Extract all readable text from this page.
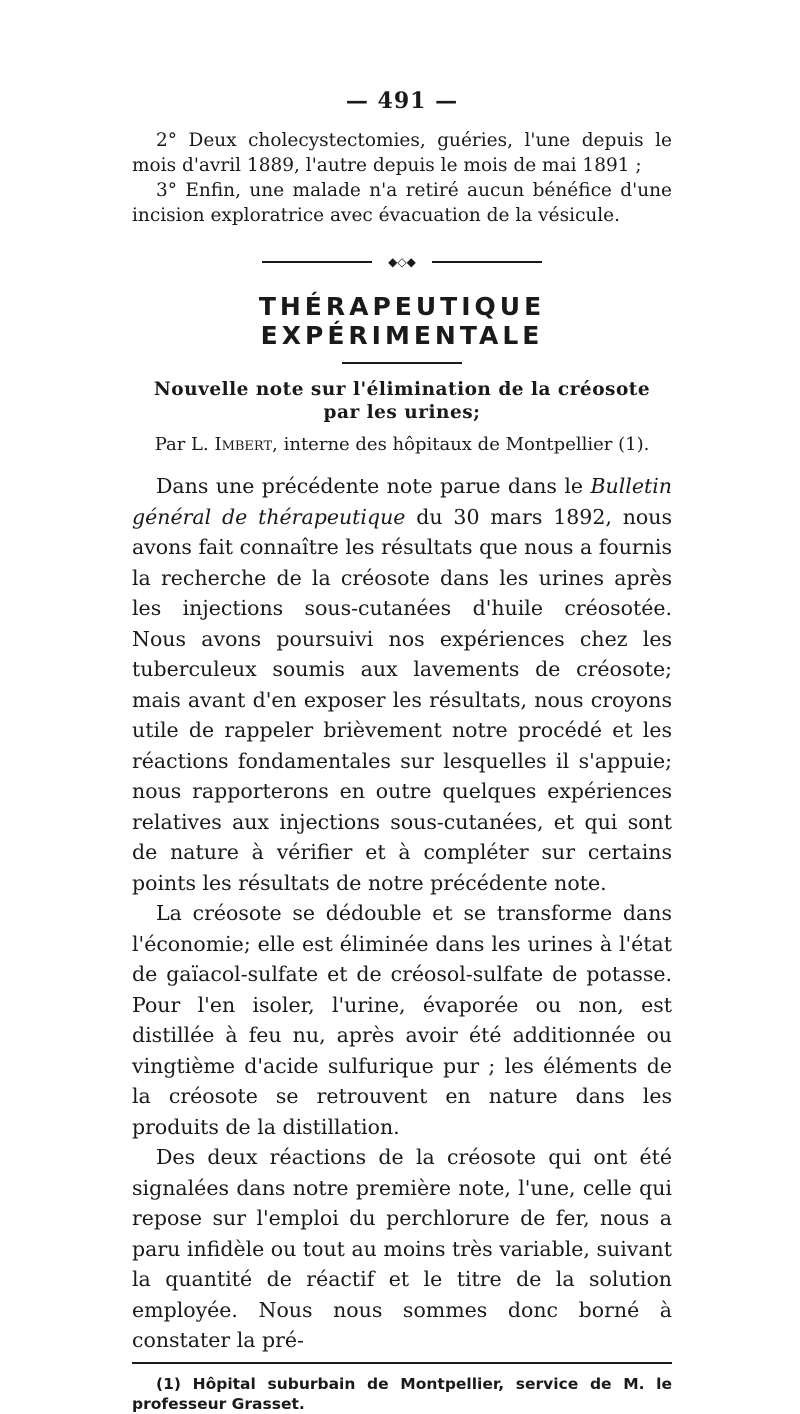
— 491 —

2° Deux cholecystectomies, guéries, l'une depuis le mois d'avril 1889, l'autre depuis le mois de mai 1891 ;

3° Enfin, une malade n'a retiré aucun bénéfice d'une incision exploratrice avec évacuation de la vésicule.

◆◇◆
THÉRAPEUTIQUE EXPÉRIMENTALE
Nouvelle note sur l'élimination de la créosote
par les urines;
Par L. Imbert, interne des hôpitaux de Montpellier (1).

Dans une précédente note parue dans le Bulletin général de thérapeutique du 30 mars 1892, nous avons fait connaître les résultats que nous a fournis la recherche de la créosote dans les urines après les injections sous-cutanées d'huile créosotée. Nous avons poursuivi nos expériences chez les tuberculeux soumis aux lavements de créosote; mais avant d'en exposer les résultats, nous croyons utile de rappeler brièvement notre procédé et les réactions fondamentales sur lesquelles il s'appuie; nous rapporterons en outre quelques expériences relatives aux injections sous-cutanées, et qui sont de nature à vérifier et à compléter sur certains points les résultats de notre précédente note.

La créosote se dédouble et se transforme dans l'économie; elle est éliminée dans les urines à l'état de gaïacol-sulfate et de créosol-sulfate de potasse. Pour l'en isoler, l'urine, évaporée ou non, est distillée à feu nu, après avoir été additionnée ou vingtième d'acide sulfurique pur ; les éléments de la créosote se retrouvent en nature dans les produits de la distillation.

Des deux réactions de la créosote qui ont été signalées dans notre première note, l'une, celle qui repose sur l'emploi du perchlorure de fer, nous a paru infidèle ou tout au moins très variable, suivant la quantité de réactif et le titre de la solution employée. Nous nous sommes donc borné à constater la pré-

(1) Hôpital suburbain de Montpellier, service de M. le professeur Grasset.
